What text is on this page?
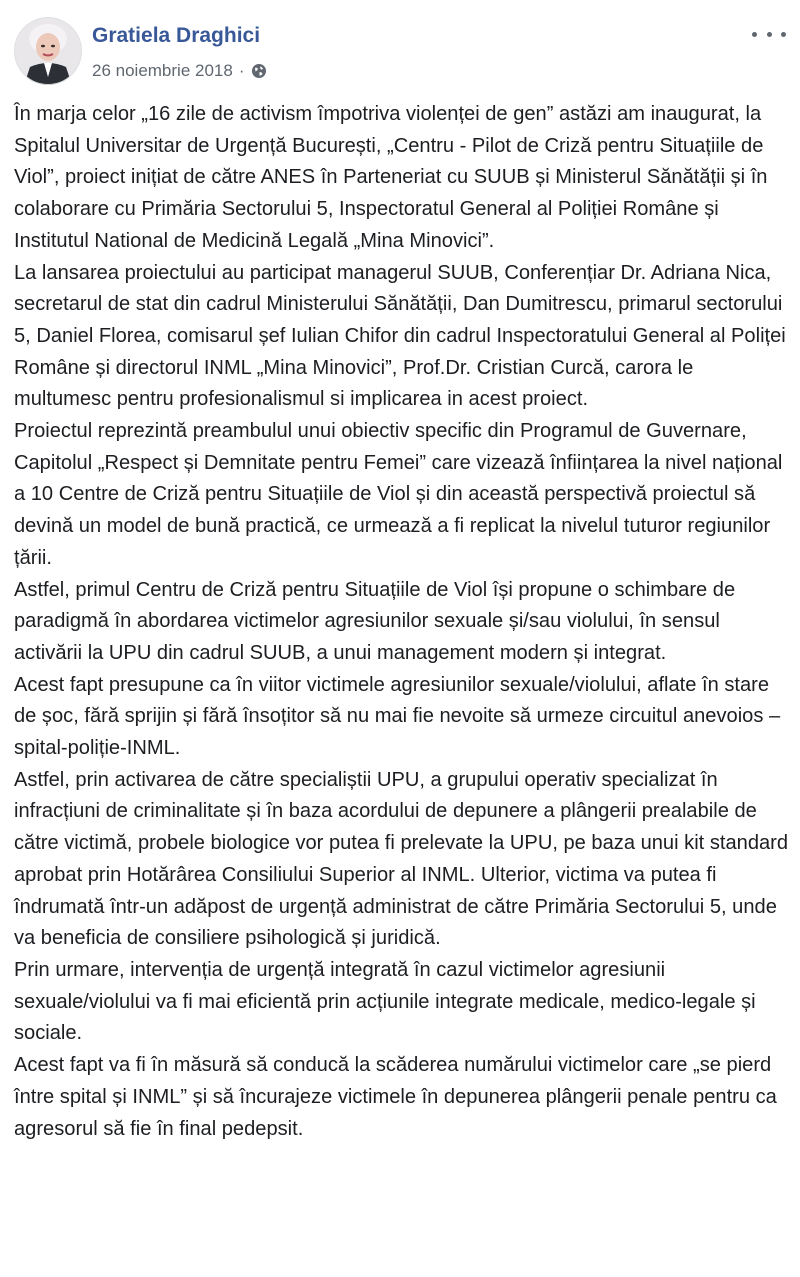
Gratiela Draghici
26 noiembrie 2018 ·

În marja celor „16 zile de activism împotriva violenței de gen” astăzi am inaugurat, la Spitalul Universitar de Urgență București, „Centru - Pilot de Criză pentru Situațiile de Viol”, proiect inițiat de către ANES în Parteneriat cu SUUB și Ministerul Sănătății și în colaborare cu Primăria Sectorului 5, Inspectoratul General al Poliției Române și Institutul National de Medicină Legală „Mina Minovici”.

La lansarea proiectului au participat managerul SUUB, Conferențiar Dr. Adriana Nica, secretarul de stat din cadrul Ministerului Sănătății, Dan Dumitrescu, primarul sectorului 5, Daniel Florea, comisarul șef Iulian Chifor din cadrul Inspectoratului General al Poliței Române și directorul INML „Mina Minovici”, Prof.Dr. Cristian Curcă, carora le multumesc pentru profesionalismul si implicarea in acest proiect.

Proiectul reprezintă preambulul unui obiectiv specific din Programul de Guvernare, Capitolul „Respect și Demnitate pentru Femei” care vizează înființarea la nivel național a 10 Centre de Criză pentru Situațiile de Viol și din această perspectivă proiectul să devină un model de bună practică, ce urmează a fi replicat la nivelul tuturor regiunilor țării.

Astfel, primul Centru de Criză pentru Situațiile de Viol își propune o schimbare de paradigmă în abordarea victimelor agresiunilor sexuale și/sau violului, în sensul activării la UPU din cadrul SUUB, a unui management modern și integrat.

Acest fapt presupune ca în viitor victimele agresiunilor sexuale/violului, aflate în stare de șoc, fără sprijin și fără însoțitor să nu mai fie nevoite să urmeze circuitul anevoios – spital-poliție-INML.

Astfel, prin activarea de către specialiștii UPU, a grupului operativ specializat în infracțiuni de criminalitate și în baza acordului de depunere a plângerii prealabile de către victimă, probele biologice vor putea fi prelevate la UPU, pe baza unui kit standard aprobat prin Hotărârea Consiliului Superior al INML. Ulterior, victima va putea fi îndrumată într-un adăpost de urgență administrat de către Primăria Sectorului 5, unde va beneficia de consiliere psihologică și juridică.

Prin urmare, intervenția de urgență integrată în cazul victimelor agresiunii sexuale/violului va fi mai eficientă prin acțiunile integrate medicale, medico-legale și sociale.

Acest fapt va fi în măsură să conducă la scăderea numărului victimelor care „se pierd între spital și INML” și să încurajeze victimele în depunerea plângerii penale pentru ca agresorul să fie în final pedepsit.
